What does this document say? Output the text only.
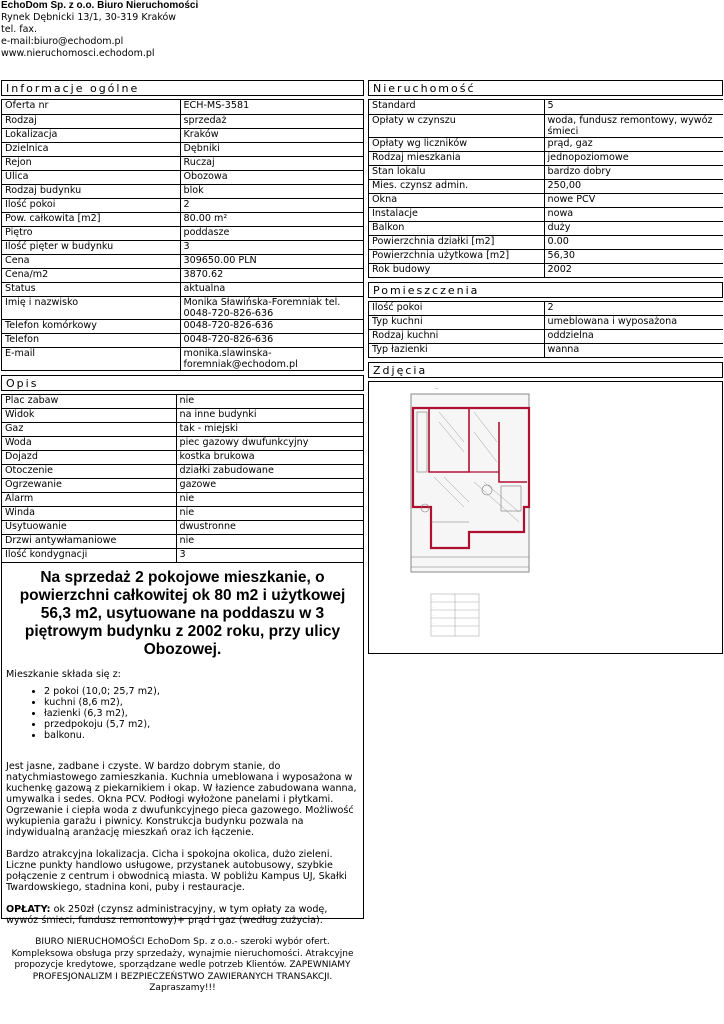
EchoDom Sp. z o.o. Biuro Nieruchomości
Rynek Dębnicki 13/1, 30-319 Kraków
tel. fax.
e-mail:biuro@echodom.pl
www.nieruchomosci.echodom.pl
Informacje ogólne
Oferta nr	ECH-MS-3581
Rodzaj	sprzedaż
Lokalizacja	Kraków
Dzielnica	Dębniki
Rejon	Ruczaj
Ulica	Obozowa
Rodzaj budynku	blok
Ilość pokoi	2
Pow. całkowita [m2]	80.00 m²
Piętro	poddasze
Ilość pięter w budynku	3
Cena	309650.00 PLN
Cena/m2	3870.62
Status	aktualna
Imię i nazwisko	Monika Sławińska-Foremniak tel. 0048-720-826-636
Telefon komórkowy	0048-720-826-636
Telefon	0048-720-826-636
E-mail	monika.slawinska-foremniak@echodom.pl
Opis
Plac zabaw	nie
Widok	na inne budynki
Gaz	tak - miejski
Woda	piec gazowy dwufunkcyjny
Dojazd	kostka brukowa
Otoczenie	działki zabudowane
Ogrzewanie	gazowe
Alarm	nie
Winda	nie
Usytuowanie	dwustronne
Drzwi antywłamaniowe	nie
Ilość kondygnacji	3
Na sprzedaż 2 pokojowe mieszkanie, o powierzchni całkowitej ok 80 m2 i użytkowej 56,3 m2, usytuowane na poddaszu w 3 piętrowym budynku z 2002 roku, przy ulicy Obozowej.

Mieszkanie składa się z:

• 2 pokoi (10,0; 25,7 m2),
• kuchni (8,6 m2),
• łazienki (6,3 m2),
• przedpokoju (5,7 m2),
• balkonu.

Jest jasne, zadbane i czyste. W bardzo dobrym stanie, do natychmiastowego zamieszkania. Kuchnia umeblowana i wyposażona w kuchenkę gazową z piekarnikiem i okap. W łazience zabudowana wanna, umywalka i sedes. Okna PCV. Podłogi wyłożone panelami i płytkami. Ogrzewanie i ciepła woda z dwufunkcyjnego pieca gazowego. Możliwość wykupienia garażu i piwnicy. Konstrukcja budynku pozwala na indywidualną aranżację mieszkań oraz ich łączenie.

Bardzo atrakcyjna lokalizacja. Cicha i spokojna okolica, dużo zieleni. Liczne punkty handlowo usługowe, przystanek autobusowy, szybkie połączenie z centrum i obwodnicą miasta. W pobliżu Kampus UJ, Skałki Twardowskiego, stadnina koni, puby i restauracje.

OPŁATY: ok 250zł (czynsz administracyjny, w tym opłaty za wodę, wywóz śmieci, fundusz remontowy)+ prąd i gaz (według zużycia).

BIURO NIERUCHOMOŚCI EchoDom Sp. z o.o.- szeroki wybór ofert. Kompleksowa obsługa przy sprzedaży, wynajmie nieruchomości. Atrakcyjne propozycje kredytowe, sporządzane wedle potrzeb Klientów. ZAPEWNIAMY PROFESJONALIZM I BEZPIECZEŃSTWO ZAWIERANYCH TRANSAKCJI. Zapraszamy!!!
Nieruchomość
Standard	5
Opłaty w czynszu	woda, fundusz remontowy, wywóz śmieci
Opłaty wg liczników	prąd, gaz
Rodzaj mieszkania	jednopoziomowe
Stan lokalu	bardzo dobry
Mies. czynsz admin.	250,00
Okna	nowe PCV
Instalacje	nowa
Balkon	duży
Powierzchnia działki [m2]	0.00
Powierzchnia użytkowa [m2]	56,30
Rok budowy	2002
Pomieszczenia
Ilość pokoi	2
Typ kuchni	umeblowana i wyposażona
Rodzaj kuchni	oddzielna
Typ łazienki	wanna
Zdjęcia
~
-
-
-
-
-
